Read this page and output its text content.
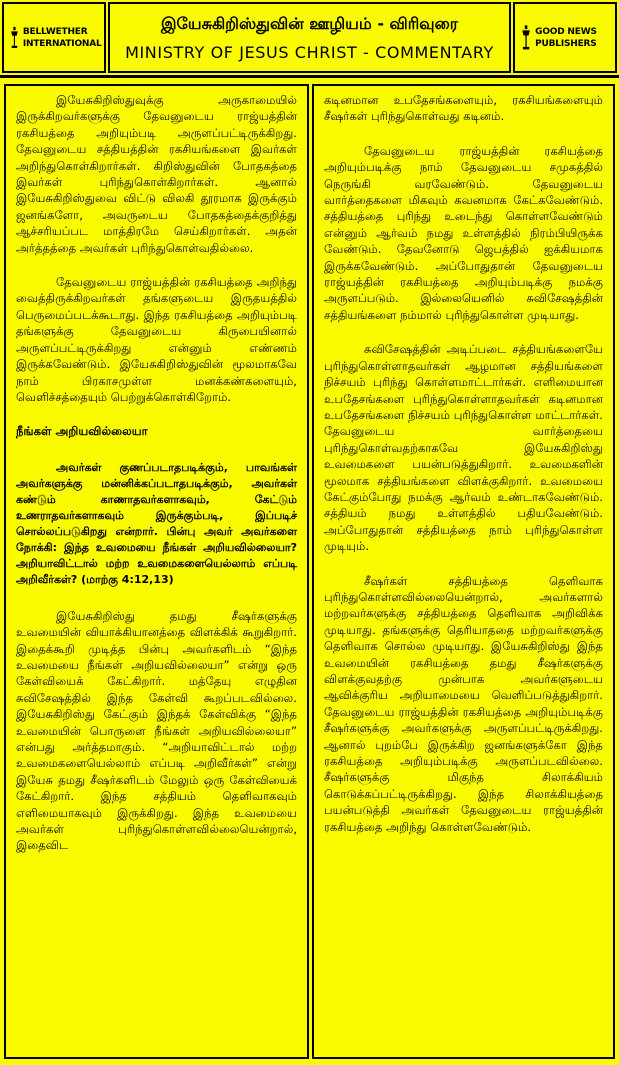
BELLWETHER INTERNATIONAL
இயேசுகிறிஸ்துவின் ஊழியம் - விரிவுரை
MINISTRY OF JESUS CHRIST - COMMENTARY
GOOD NEWS PUBLISHERS

இயேசுகிறிஸ்துவுக்கு அருகாமையில் இருக்கிறவர்களுக்கு தேவனுடைய ராஜ்யத்தின் ரகசியத்தை அறியும்படி அருளப்பட்டிருக்கிறது. தேவனுடைய சத்தியத்தின் ரகசியங்களை இவர்கள் அறிந்துகொள்கிறார்கள். கிறிஸ்துவின் போதகத்தை இவர்கள் புரிந்துகொள்கிறார்கள். ஆனால் இயேசுகிறிஸ்துவை விட்டு விலகி தூரமாக இருக்கும் ஜனங்களோ, அவருடைய போதகத்தைக்குறித்து ஆச்சரியப்பட மாத்திரமே செய்கிறார்கள். அதன் அர்த்தத்தை அவர்கள் புரிந்துகொள்வதில்லை.

தேவனுடைய ராஜ்யத்தின் ரகசியத்தை அறிந்து வைத்திருக்கிறவர்கள் தங்களுடைய இருதயத்தில் பெருமைப்படக்கூடாது. இந்த ரகசியத்தை அறியும்படி தங்களுக்கு தேவனுடைய கிருபையினால் அருளப்பட்டிருக்கிறது என்னும் எண்ணம் இருக்கவேண்டும். இயேசுகிறிஸ்துவின் மூலமாகவே நாம் பிரகாசமுள்ள மனக்கண்களையும், வெளிச்சத்தையும் பெற்றுக்கொள்கிறோம்.

நீங்கள் அறியவில்லையா

அவர்கள் குணப்படாதபடிக்கும், பாவங்கள் அவர்களுக்கு மன்னிக்கப்படாதபடிக்கும், அவர்கள் கண்டும் காணாதவர்களாகவும், கேட்டும் உணராதவர்களாகவும் இருக்கும்படி, இப்படிச் சொல்லப்படுகிறது என்றார். பின்பு அவர் அவர்களை நோக்கி: இந்த உவமையை நீங்கள் அறியவில்லையா? அறியாவிட்டால் மற்ற உவமைகளையெல்லாம் எப்படி அறிவீர்கள்? (மாற்கு 4:12,13)

இயேசுகிறிஸ்து தமது சீஷர்களுக்கு உவமையின் வியாக்கியானத்தை விளக்கிக் கூறுகிறார். இதைக்கூறி முடித்த பின்பு அவர்களிடம் “இந்த உவமையை நீங்கள் அறியவில்லையா” என்று ஒரு கேள்வியைக் கேட்கிறார். மத்தேயு எழுதின சுவிசேஷத்தில் இந்த கேள்வி கூறப்படவில்லை. இயேசுகிறிஸ்து கேட்கும் இந்தக் கேள்விக்கு “இந்த உவமையின் பொருளை நீங்கள் அறியவில்லையா” என்பது அர்த்தமாகும். “அறியாவிட்டால் மற்ற உவமைகளையெல்லாம் எப்படி அறிவீர்கள்” என்று இயேசு தமது சீஷர்களிடம் மேலும் ஒரு கேள்வியைக் கேட்கிறார். இந்த சத்தியம் தெளிவாகவும் எளிமையாகவும் இருக்கிறது. இந்த உவமையை அவர்கள் புரிந்துகொள்ளவில்லையென்றால், இதைவிட

கடினமான உபதேசங்களையும், ரகசியங்களையும் சீஷர்கள் புரிந்துகொள்வது கடினம்.

தேவனுடைய ராஜ்யத்தின் ரகசியத்தை அறியும்படிக்கு நாம் தேவனுடைய சமுகத்தில் நெருங்கி வரவேண்டும். தேவனுடைய வார்த்தைகளை மிகவும் கவனமாக கேட்கவேண்டும். சத்தியத்தை புரிந்து உடைந்து கொள்ளவேண்டும் என்னும் ஆர்வம் நமது உள்ளத்தில் நிரம்பியிருக்க வேண்டும். தேவனோடு ஜெபத்தில் ஐக்கியமாக இருக்கவேண்டும். அப்போதுதான் தேவனுடைய ராஜ்யத்தின் ரகசியத்தை அறியும்படிக்கு நமக்கு அருளப்படும். இல்லையெனில் சுவிசேஷத்தின் சத்தியங்களை நம்மால் புரிந்துகொள்ள முடியாது.

சுவிசேஷத்தின் அடிப்படை சத்தியங்களையே புரிந்துகொள்ளாதவர்கள் ஆழமான சத்தியங்களை நிச்சயம் புரிந்து கொள்ளமாட்டார்கள். எளிமையான உபதேசங்களை புரிந்துகொள்ளாதவர்கள் கடினமான உபதேசங்களை நிச்சயம் புரிந்துகொள்ள மாட்டார்கள். தேவனுடைய வார்த்தையை புரிந்துகொள்வதற்காகவே இயேசுகிறிஸ்து உவமைகளை பயன்படுத்துகிறார். உவமைகளின் மூலமாக சத்தியங்களை விளக்குகிறார். உவமையை கேட்கும்போது நமக்கு ஆர்வம் உண்டாகவேண்டும். சத்தியம் நமது உள்ளத்தில் பதியவேண்டும். அப்போதுதான் சத்தியத்தை நாம் புரிந்துகொள்ள முடியும்.

சீஷர்கள் சத்தியத்தை தெளிவாக புரிந்துகொள்ளவில்லையென்றால், அவர்களால் மற்றவர்களுக்கு சத்தியத்தை தெளிவாக அறிவிக்க முடியாது. தங்களுக்கு தெரியாததை மற்றவர்களுக்கு தெளிவாக சொல்ல முடியாது. இயேசுகிறிஸ்து இந்த உவமையின் ரகசியத்தை தமது சீஷர்களுக்கு விளக்குவதற்கு முன்பாக அவர்களுடைய ஆவிக்குரிய அறியாமையை வெளிப்படுத்துகிறார். தேவனுடைய ராஜ்யத்தின் ரகசியத்தை அறியும்படிக்கு சீஷர்களுக்கு அவர்களுக்கு அருளப்பட்டிருக்கிறது. ஆனால் புறம்பே இருக்கிற ஜனங்களுக்கோ இந்த ரகசியத்தை அறியும்படிக்கு அருளப்படவில்லை. சீஷர்களுக்கு மிகுந்த சிலாக்கியம் கொடுக்கப்பட்டிருக்கிறது. இந்த சிலாக்கியத்தை பயன்படுத்தி அவர்கள் தேவனுடைய ராஜ்யத்தின் ரகசியத்தை அறிந்து கொள்ளவேண்டும்.
